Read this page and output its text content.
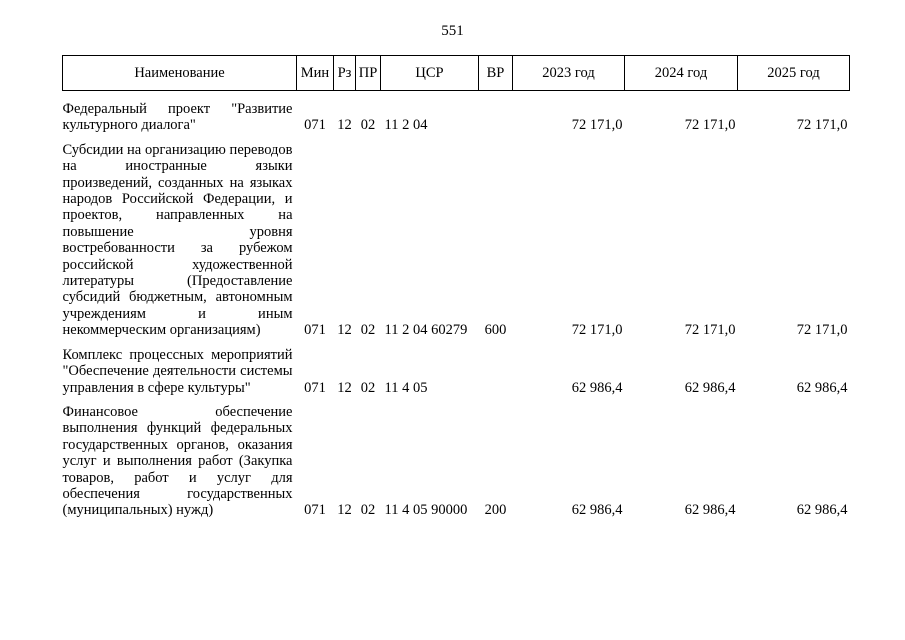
551
Наименование	Мин	Рз	ПР	ЦСР	ВР	2023 год	2024 год	2025 год
Федеральный проект "Развитие культурного диалога"	071	12	02	11 2 04		72 171,0	72 171,0	72 171,0
Субсидии на организацию переводов на иностранные языки произведений, созданных на языках народов Российской Федерации, и проектов, направленных на повышение уровня востребованности за рубежом российской художественной литературы (Предоставление субсидий бюджетным, автономным учреждениям и иным некоммерческим организациям)	071	12	02	11 2 04 60279	600	72 171,0	72 171,0	72 171,0
Комплекс процессных мероприятий "Обеспечение деятельности системы управления в сфере культуры"	071	12	02	11 4 05		62 986,4	62 986,4	62 986,4
Финансовое обеспечение выполнения функций федеральных государственных органов, оказания услуг и выполнения работ (Закупка товаров, работ и услуг для обеспечения государственных (муниципальных) нужд)	071	12	02	11 4 05 90000	200	62 986,4	62 986,4	62 986,4
